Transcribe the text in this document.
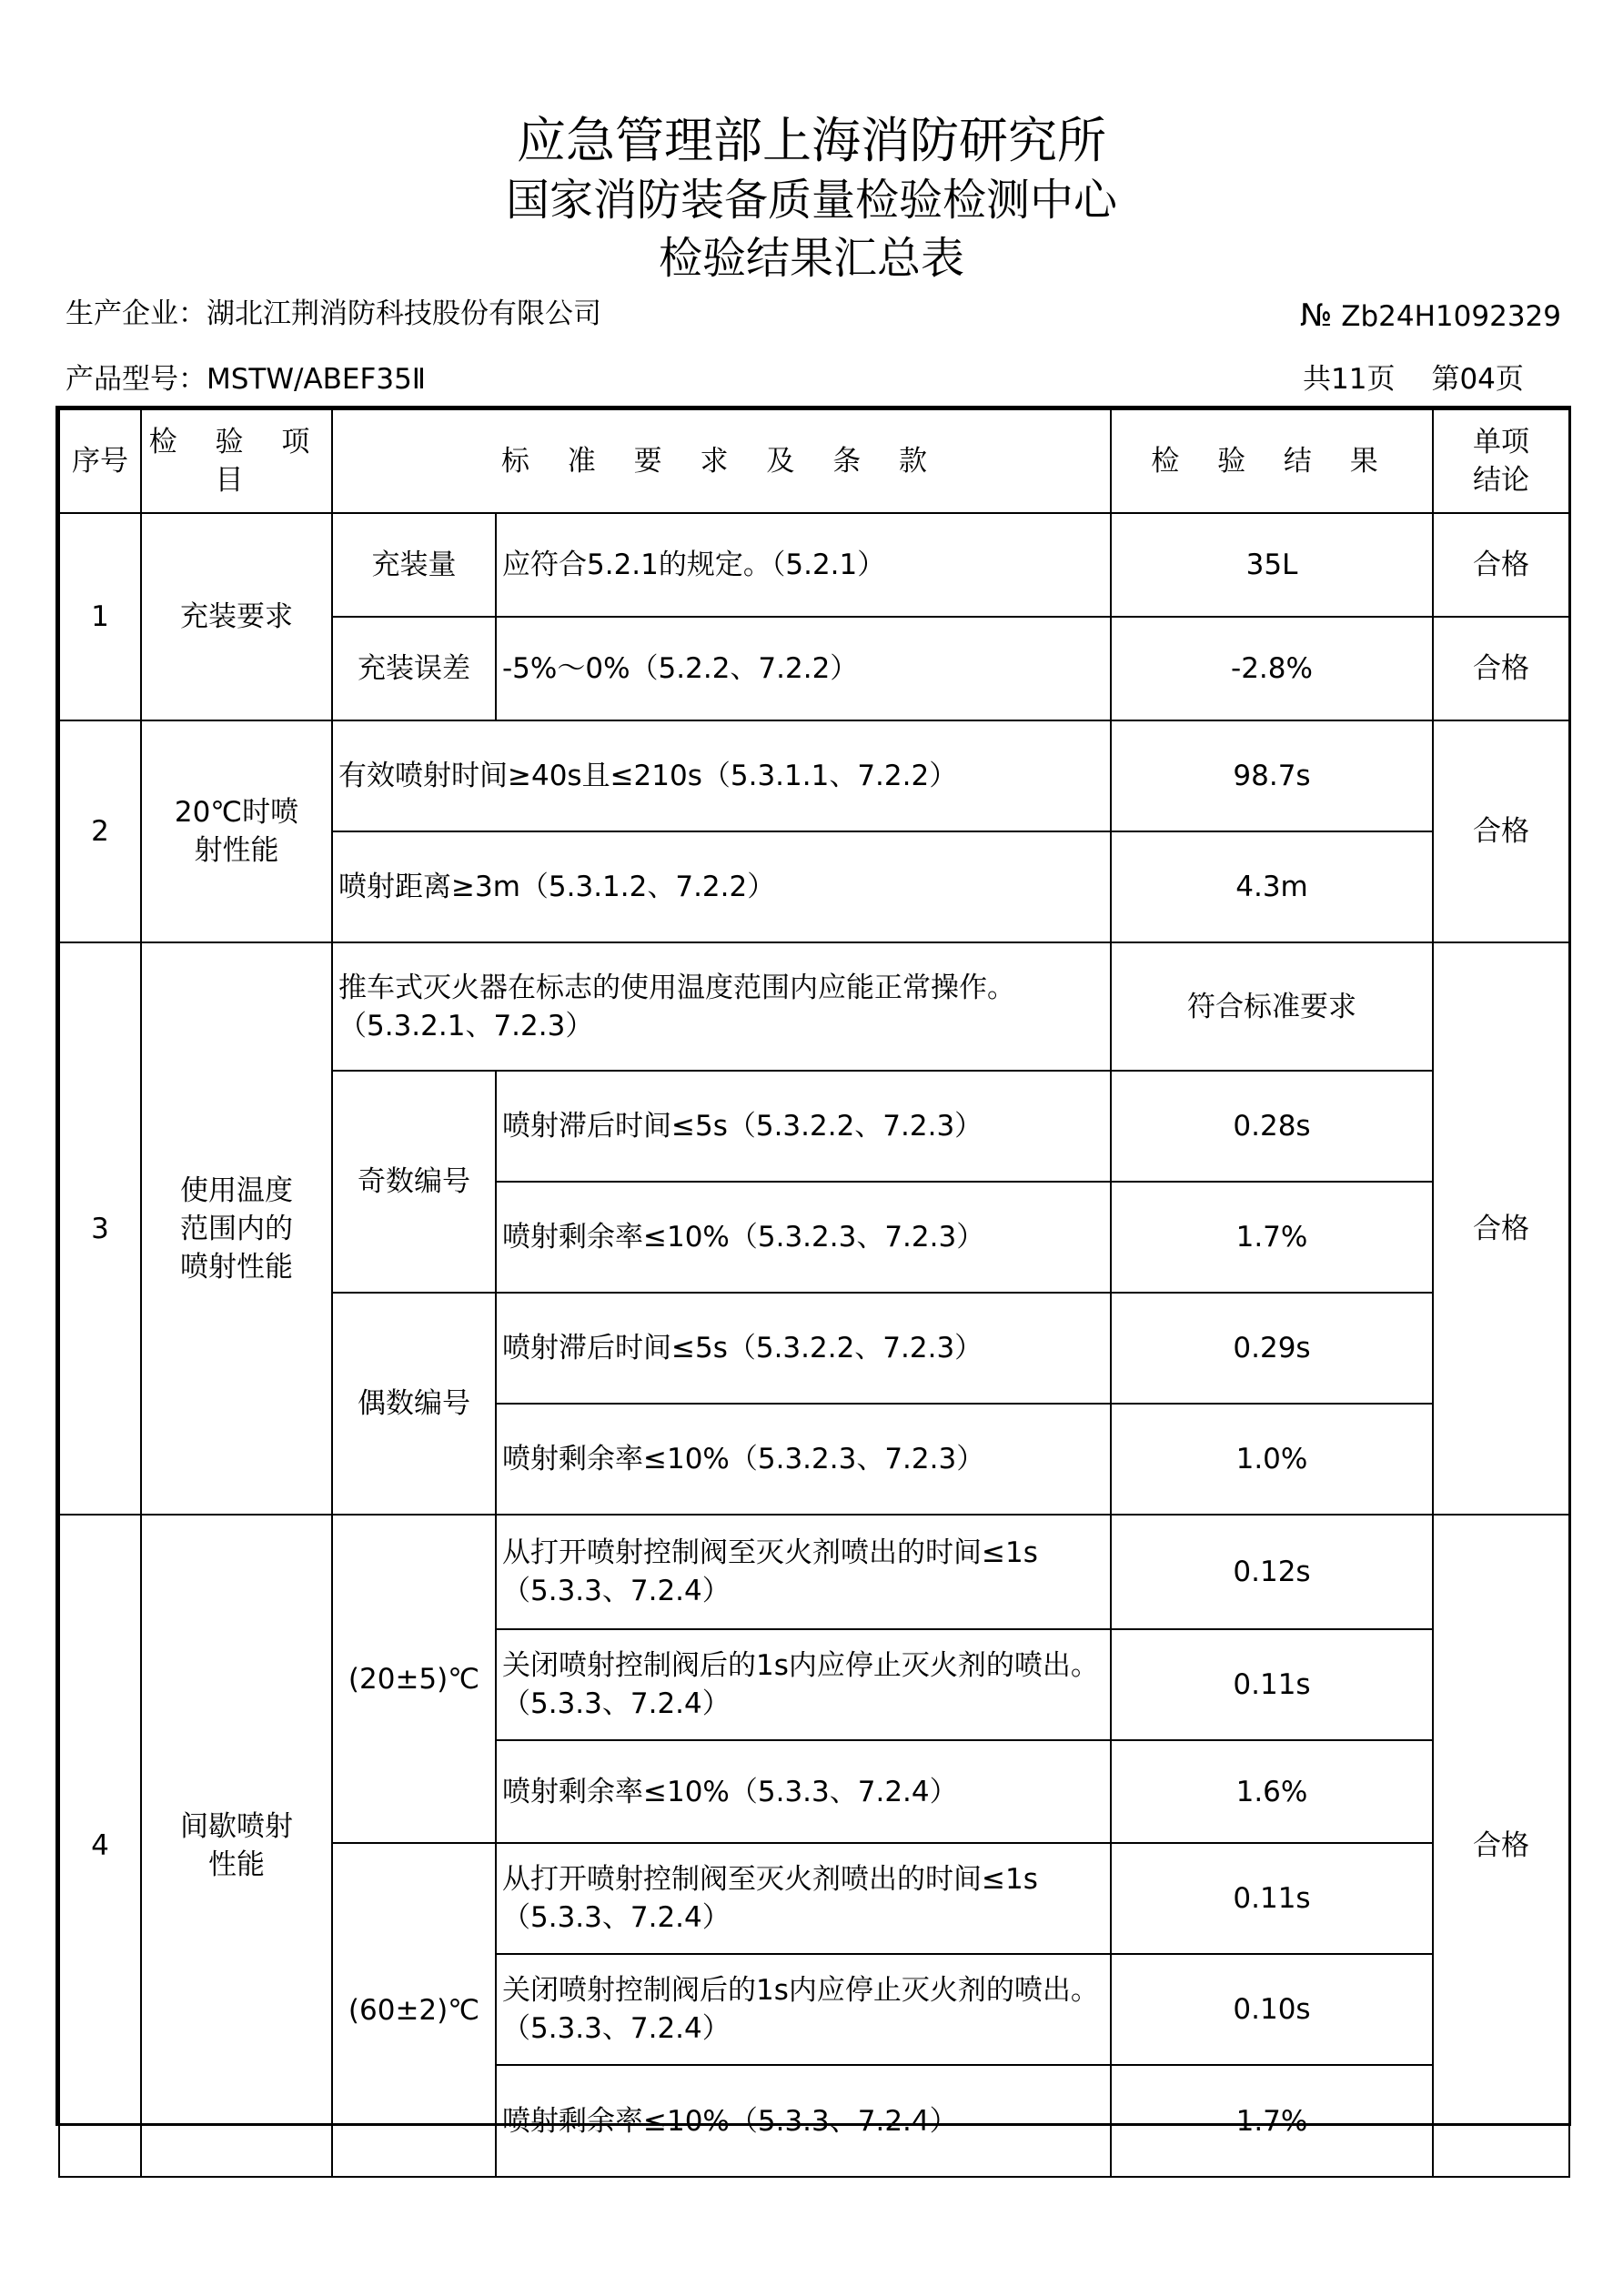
应急管理部上海消防研究所
国家消防装备质量检验检测中心
检验结果汇总表
生产企业：湖北江荆消防科技股份有限公司	№ Zb24H1092329
产品型号：MSTW/ABEF35Ⅱ	共11页 第04页
序号	检 验 项 目	标 准 要 求 及 条 款		检 验 结 果	单项结论
1	充装要求	充装量	应符合5.2.1的规定。（5.2.1）	35L	合格
		充装误差	-5%～0%（5.2.2、7.2.2）	-2.8%	合格
2	20℃时喷射性能	有效喷射时间≥40s且≤210s（5.3.1.1、7.2.2）		98.7s	合格
		喷射距离≥3m（5.3.1.2、7.2.2）		4.3m	
3	使用温度范围内的喷射性能	推车式灭火器在标志的使用温度范围内应能正常操作。（5.3.2.1、7.2.3）		符合标准要求	合格
		奇数编号	喷射滞后时间≤5s（5.3.2.2、7.2.3）	0.28s	
			喷射剩余率≤10%（5.3.2.3、7.2.3）	1.7%	
		偶数编号	喷射滞后时间≤5s（5.3.2.2、7.2.3）	0.29s	
			喷射剩余率≤10%（5.3.2.3、7.2.3）	1.0%	
4	间歇喷射性能	(20±5)℃	从打开喷射控制阀至灭火剂喷出的时间≤1s（5.3.3、7.2.4）	0.12s	合格
			关闭喷射控制阀后的1s内应停止灭火剂的喷出。（5.3.3、7.2.4）	0.11s	
			喷射剩余率≤10%（5.3.3、7.2.4）	1.6%	
		(60±2)℃	从打开喷射控制阀至灭火剂喷出的时间≤1s（5.3.3、7.2.4）	0.11s	
			关闭喷射控制阀后的1s内应停止灭火剂的喷出。（5.3.3、7.2.4）	0.10s	
			喷射剩余率≤10%（5.3.3、7.2.4）	1.7%	
